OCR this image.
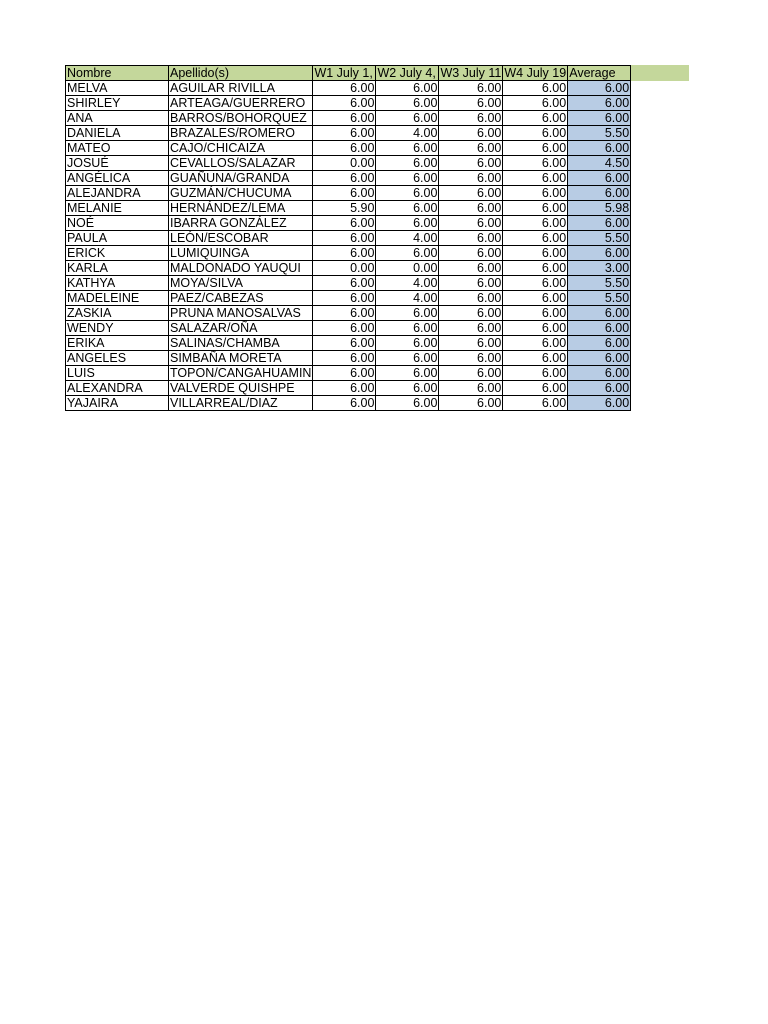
Nombre	Apellido(s)	W1 July 1,	W2 July 4,	W3 July 11	W4 July 19	Average
MELVA	AGUILAR RIVILLA	6.00	6.00	6.00	6.00	6.00
SHIRLEY	ARTEAGA/GUERRERO	6.00	6.00	6.00	6.00	6.00
ANA	BARROS/BOHORQUEZ	6.00	6.00	6.00	6.00	6.00
DANIELA	BRAZALES/ROMERO	6.00	4.00	6.00	6.00	5.50
MATEO	CAJO/CHICAIZA	6.00	6.00	6.00	6.00	6.00
JOSUÉ	CEVALLOS/SALAZAR	0.00	6.00	6.00	6.00	4.50
ANGÉLICA	GUAÑUNA/GRANDA	6.00	6.00	6.00	6.00	6.00
ALEJANDRA	GUZMÁN/CHUCUMA	6.00	6.00	6.00	6.00	6.00
MELANIE	HERNÁNDEZ/LEMA	5.90	6.00	6.00	6.00	5.98
NOÉ	IBARRA GONZÁLEZ	6.00	6.00	6.00	6.00	6.00
PAULA	LEÓN/ESCOBAR	6.00	4.00	6.00	6.00	5.50
ERICK	LUMIQUINGA	6.00	6.00	6.00	6.00	6.00
KARLA	MALDONADO YAUQUI	0.00	0.00	6.00	6.00	3.00
KATHYA	MOYA/SILVA	6.00	4.00	6.00	6.00	5.50
MADELEINE	PAEZ/CABEZAS	6.00	4.00	6.00	6.00	5.50
ZASKIA	PRUNA MANOSALVAS	6.00	6.00	6.00	6.00	6.00
WENDY	SALAZAR/OÑA	6.00	6.00	6.00	6.00	6.00
ERIKA	SALINAS/CHAMBA	6.00	6.00	6.00	6.00	6.00
ANGELES	SIMBAÑA MORETA	6.00	6.00	6.00	6.00	6.00
LUIS	TOPON/CANGAHUAMIN	6.00	6.00	6.00	6.00	6.00
ALEXANDRA	VALVERDE QUISHPE	6.00	6.00	6.00	6.00	6.00
YAJAIRA	VILLARREAL/DIAZ	6.00	6.00	6.00	6.00	6.00
